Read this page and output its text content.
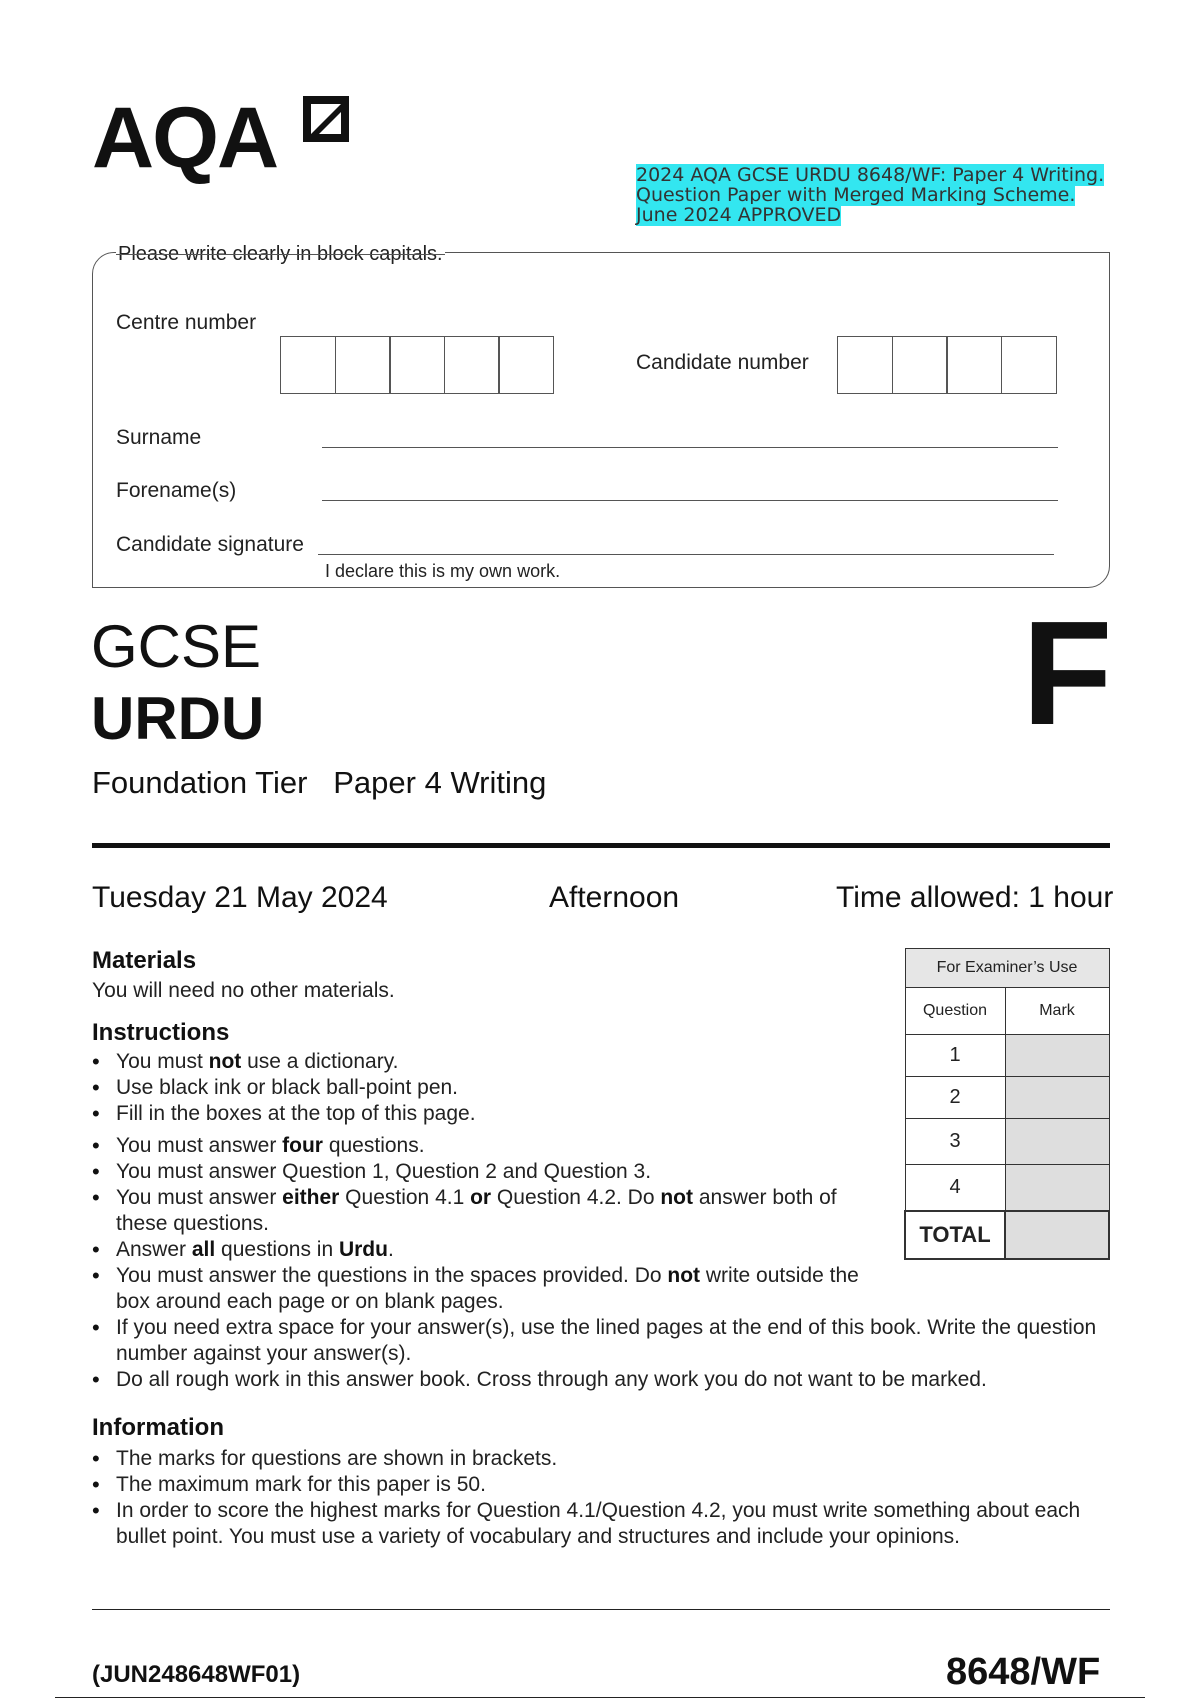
AQA	2024 AQA GCSE URDU 8648/WF: Paper 4 Writing. Question Paper with Merged Marking Scheme. June 2024 APPROVED
Please write clearly in block capitals.
Centre number
Candidate number
Surname
Forename(s)
Candidate signature
I declare this is my own work.
GCSE
URDU
Foundation Tier   Paper 4 Writing
F
Tuesday 21 May 2024	Afternoon	Time allowed: 1 hour
Materials
You will need no other materials.
Instructions
• You must not use a dictionary.
• Use black ink or black ball-point pen.
• Fill in the boxes at the top of this page.
• You must answer four questions.
• You must answer Question 1, Question 2 and Question 3.
• You must answer either Question 4.1 or Question 4.2. Do not answer both of these questions.
• Answer all questions in Urdu.
• You must answer the questions in the spaces provided. Do not write outside the box around each page or on blank pages.
• If you need extra space for your answer(s), use the lined pages at the end of this book. Write the question number against your answer(s).
• Do all rough work in this answer book. Cross through any work you do not want to be marked.
Information
• The marks for questions are shown in brackets.
• The maximum mark for this paper is 50.
• In order to score the highest marks for Question 4.1/Question 4.2, you must write something about each bullet point. You must use a variety of vocabulary and structures and include your opinions.
For Examiner’s Use	
Question	Mark
1	
2	
3	
4	
TOTAL	
(JUN248648WF01)	8648/WF
